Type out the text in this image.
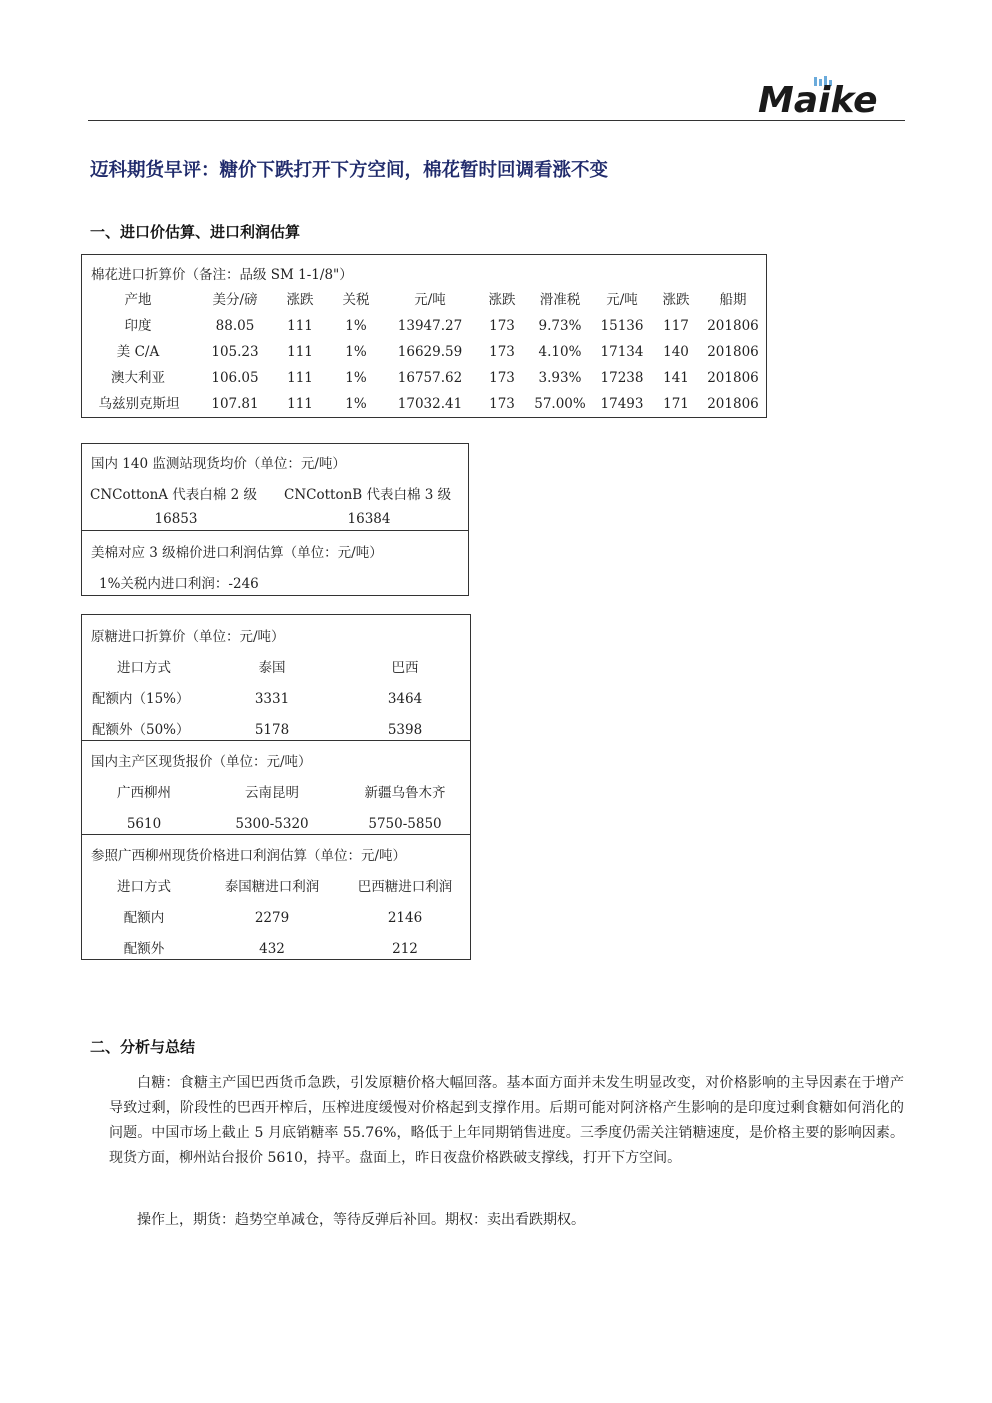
Maike
迈科期货早评：糖价下跌打开下方空间，棉花暂时回调看涨不变
一、进口价估算、进口利润估算
棉花进口折算价（备注：品级 SM 1-1/8"）
产地	美分/磅	涨跌	关税	元/吨	涨跌	滑准税	元/吨	涨跌	船期
印度	88.05	111	1%	13947.27	173	9.73%	15136	117	201806
美 C/A	105.23	111	1%	16629.59	173	4.10%	17134	140	201806
澳大利亚	106.05	111	1%	16757.62	173	3.93%	17238	141	201806
乌兹别克斯坦	107.81	111	1%	17032.41	173	57.00%	17493	171	201806
国内 140 监测站现货均价（单位：元/吨）
CNCottonA 代表白棉 2 级 CNCottonB 代表白棉 3 级
16853	16384
美棉对应 3 级棉价进口利润估算（单位：元/吨）
1%关税内进口利润：-246
原糖进口折算价（单位：元/吨）
进口方式	泰国	巴西
配额内（15%）	3331	3464
配额外（50%）	5178	5398
国内主产区现货报价（单位：元/吨）
广西柳州	云南昆明	新疆乌鲁木齐
5610	5300-5320	5750-5850
参照广西柳州现货价格进口利润估算（单位：元/吨）
进口方式	泰国糖进口利润	巴西糖进口利润
配额内	2279	2146
配额外	432	212
二、分析与总结
白糖：食糖主产国巴西货币急跌，引发原糖价格大幅回落。基本面方面并未发生明显改变，对价格影响的主导因素在于增产导致过剩，阶段性的巴西开榨后，压榨进度缓慢对价格起到支撑作用。后期可能对阿济格产生影响的是印度过剩食糖如何消化的问题。中国市场上截止 5 月底销糖率 55.76%，略低于上年同期销售进度。三季度仍需关注销糖速度，是价格主要的影响因素。现货方面，柳州站台报价 5610，持平。盘面上，昨日夜盘价格跌破支撑线，打开下方空间。
操作上，期货：趋势空单减仓，等待反弹后补回。期权：卖出看跌期权。
